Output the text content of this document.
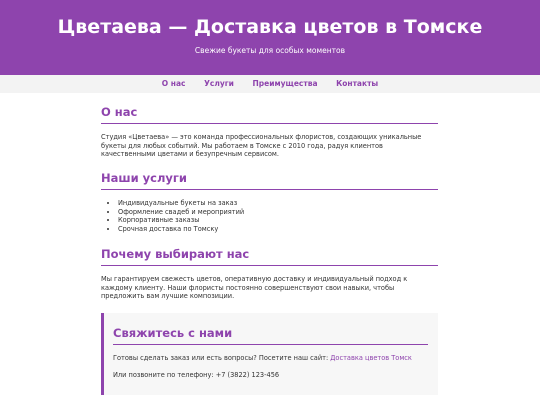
Цветаева — Доставка цветов в Томске
Свежие букеты для особых моментов
О нас Услуги Преимущества Контакты
О нас

Студия «Цветаева» — это команда профессиональных флористов, создающих уникальные букеты для любых событий. Мы работаем в Томске с 2010 года, радуя клиентов качественными цветами и безупречным сервисом.

Наши услуги
• Индивидуальные букеты на заказ
• Оформление свадеб и мероприятий
• Корпоративные заказы
• Срочная доставка по Томску
Почему выбирают нас

Мы гарантируем свежесть цветов, оперативную доставку и индивидуальный подход к каждому клиенту. Наши флористы постоянно совершенствуют свои навыки, чтобы предложить вам лучшие композиции.

Свяжитесь с нами

Готовы сделать заказ или есть вопросы? Посетите наш сайт: Доставка цветов Томск

Или позвоните по телефону: +7 (3822) 123-456
